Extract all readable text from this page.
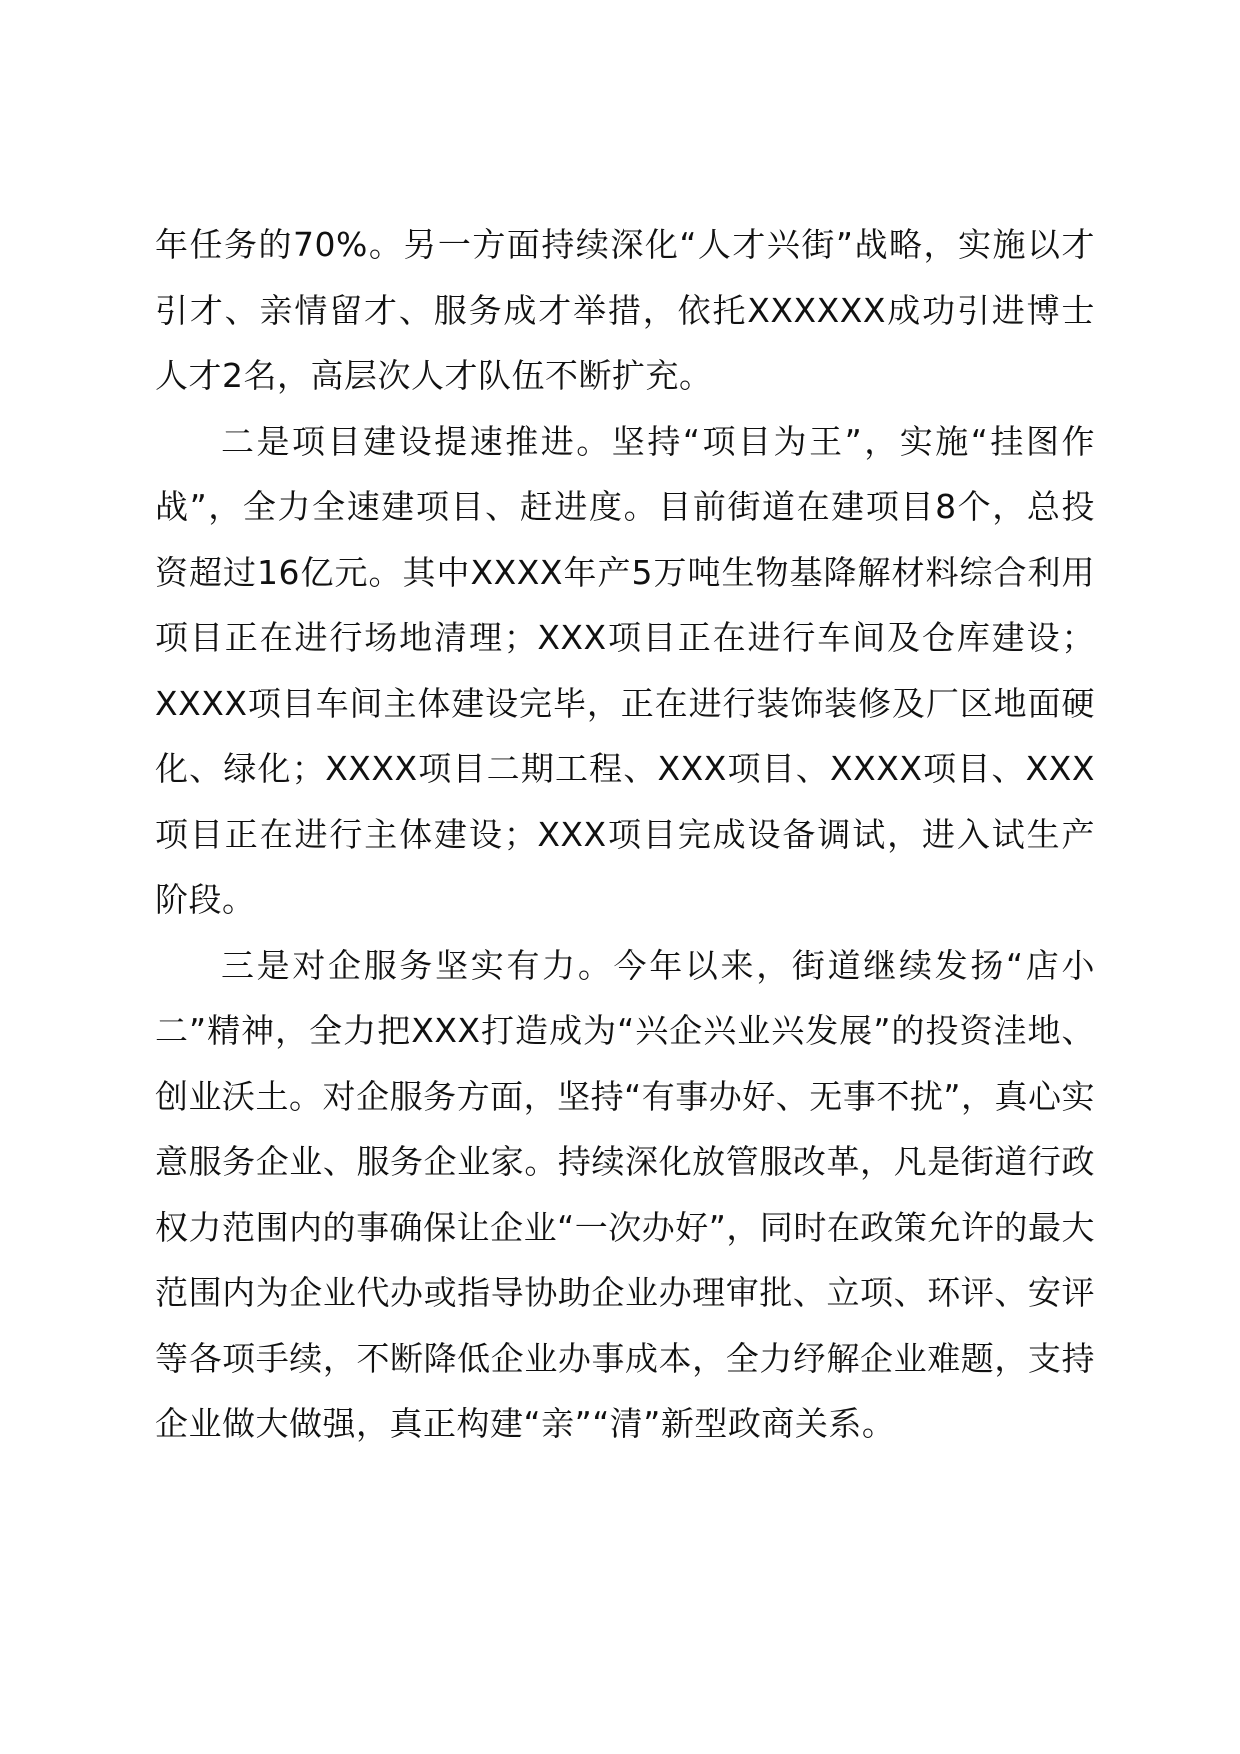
年任务的70%。另一方面持续深化“人才兴街”战略，实施以才引才、亲情留才、服务成才举措，依托XXXXXX成功引进博士人才2名，高层次人才队伍不断扩充。

二是项目建设提速推进。坚持“项目为王”，实施“挂图作战”，全力全速建项目、赶进度。目前街道在建项目8个，总投资超过16亿元。其中XXXX年产5万吨生物基降解材料综合利用项目正在进行场地清理；XXX项目正在进行车间及仓库建设；XXXX项目车间主体建设完毕，正在进行装饰装修及厂区地面硬化、绿化；XXXX项目二期工程、XXX项目、XXXX项目、XXX项目正在进行主体建设；XXX项目完成设备调试，进入试生产阶段。

三是对企服务坚实有力。今年以来，街道继续发扬“店小二”精神，全力把XXX打造成为“兴企兴业兴发展”的投资洼地、创业沃土。对企服务方面，坚持“有事办好、无事不扰”，真心实意服务企业、服务企业家。持续深化放管服改革，凡是街道行政权力范围内的事确保让企业“一次办好”，同时在政策允许的最大范围内为企业代办或指导协助企业办理审批、立项、环评、安评等各项手续，不断降低企业办事成本，全力纾解企业难题，支持企业做大做强，真正构建“亲”“清”新型政商关系。
